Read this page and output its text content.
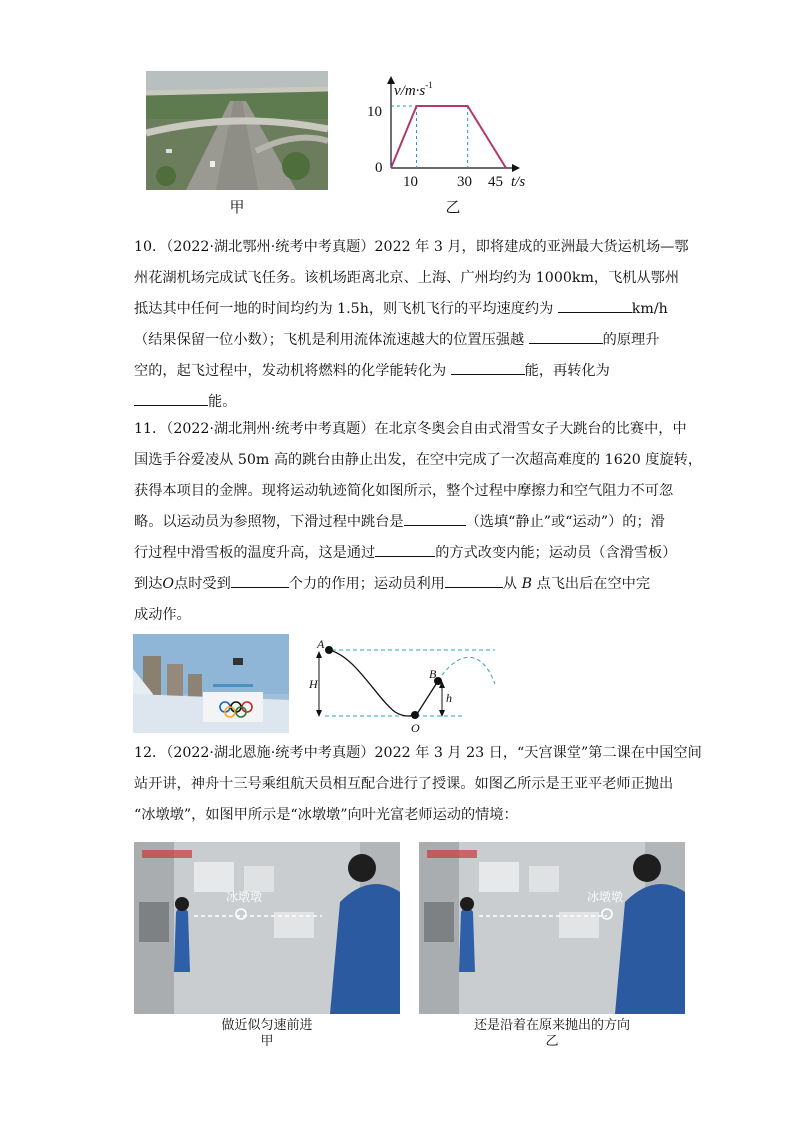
甲
$v/m\cdot s^{-1}$
10
0
10	30 45 t/s
乙

10．（2022·湖北鄂州·统考中考真题）2022 年 3 月，即将建成的亚洲最大货运机场—鄂

州花湖机场完成试飞任务。该机场距离北京、上海、广州均约为 1000km，飞机从鄂州

抵达其中任何一地的时间均约为 1.5h，则飞机飞行的平均速度约为	km/h

（结果保留一位小数）；飞机是利用流体流速越大的位置压强越	的原理升

空的，起飞过程中，发动机将燃料的化学能转化为	能，再转化为

能。

11．（2022·湖北荆州·统考中考真题）在北京冬奥会自由式滑雪女子大跳台的比赛中，中

国选手谷爱凌从 50m 高的跳台由静止出发，在空中完成了一次超高难度的 1620 度旋转，

获得本项目的金牌。现将运动轨迹简化如图所示，整个过程中摩擦力和空气阻力不可忽

略。以运动员为参照物，下滑过程中跳台是	（选填“静止”或“运动”）的；滑

行过程中滑雪板的温度升高，这是通过	的方式改变内能；运动员（含滑雪板）

到达O点时受到	个力的作用；运动员利用	从 B 点飞出后在空中完

成动作。

A
B
O
H
h

12．（2022·湖北恩施·统考中考真题）2022 年 3 月 23 日，“天宫课堂”第二课在中国空间

站开讲，神舟十三号乘组航天员相互配合进行了授课。如图乙所示是王亚平老师正抛出

“冰墩墩”，如图甲所示是“冰墩墩”向叶光富老师运动的情境：

冰墩墩	冰墩墩
做近似匀速前进
甲
还是沿着在原来抛出的方向
乙
